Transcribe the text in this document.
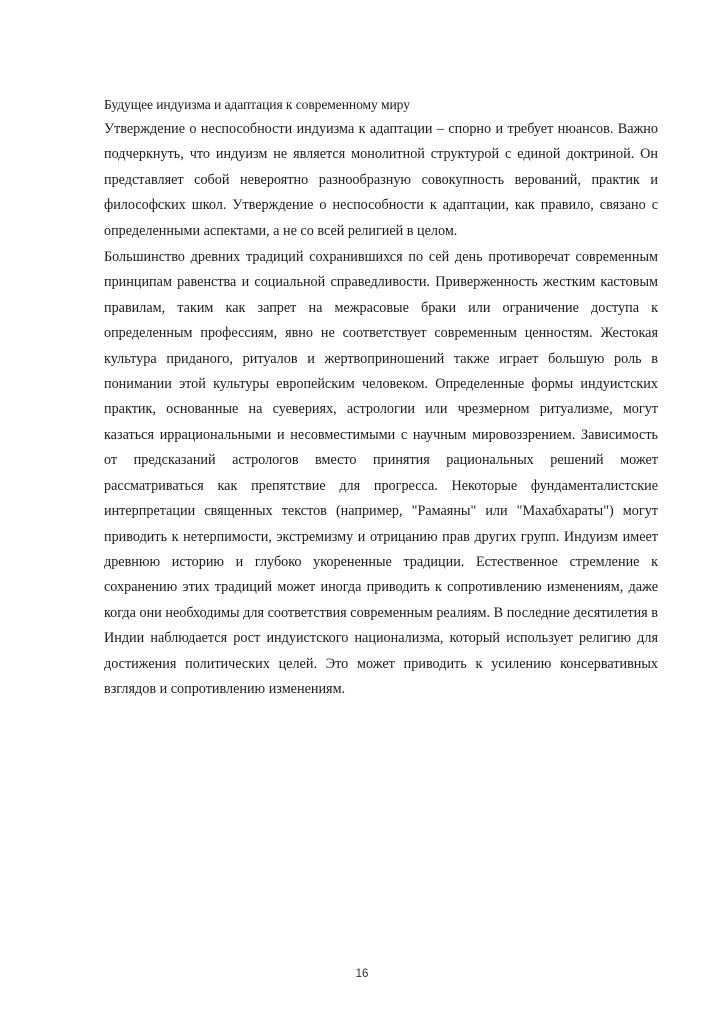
Будущее индуизма и адаптация к современному миру

Утверждение о неспособности индуизма к адаптации – спорно и требует нюансов. Важно подчеркнуть, что индуизм не является монолитной структурой с единой доктриной. Он представляет собой невероятно разнообразную совокупность верований, практик и философских школ. Утверждение о неспособности к адаптации, как правило, связано с определенными аспектами, а не со всей религией в целом.

Большинство древних традиций сохранившихся по сей день противоречат современным принципам равенства и социальной справедливости. Приверженность жестким кастовым правилам, таким как запрет на межрасовые браки или ограничение доступа к определенным профессиям, явно не соответствует современным ценностям. Жестокая культура приданого, ритуалов и жертвоприношений также играет большую роль в понимании этой культуры европейским человеком. Определенные формы индуистских практик, основанные на суевериях, астрологии или чрезмерном ритуализме, могут казаться иррациональными и несовместимыми с научным мировоззрением. Зависимость от предсказаний астрологов вместо принятия рациональных решений может рассматриваться как препятствие для прогресса. Некоторые фундаменталистские интерпретации священных текстов (например, "Рамаяны" или "Махабхараты") могут приводить к нетерпимости, экстремизму и отрицанию прав других групп. Индуизм имеет древнюю историю и глубоко укорененные традиции. Естественное стремление к сохранению этих традиций может иногда приводить к сопротивлению изменениям, даже когда они необходимы для соответствия современным реалиям. В последние десятилетия в Индии наблюдается рост индуистского национализма, который использует религию для достижения политических целей. Это может приводить к усилению консервативных взглядов и сопротивлению изменениям.

16
